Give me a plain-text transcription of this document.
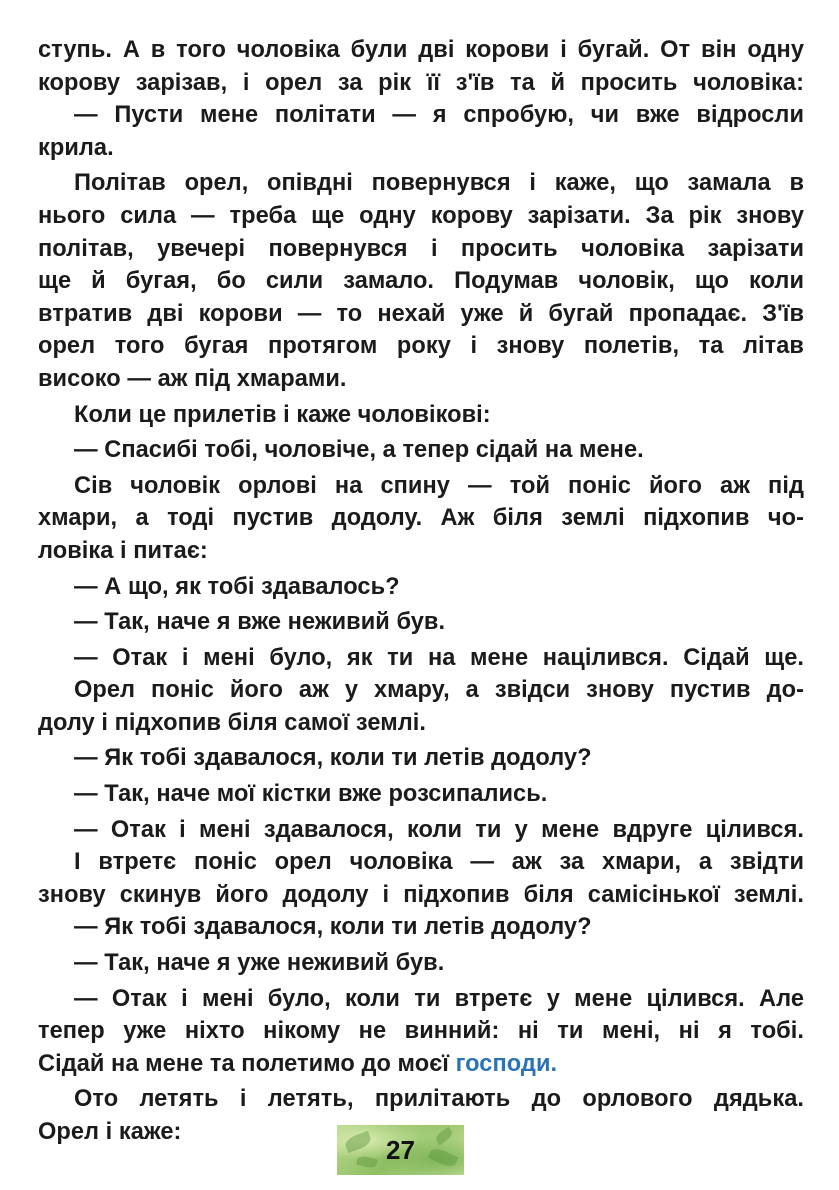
ступь. А в того чоловіка були дві корови і бугай. От він одну
корову зарізав, і орел за рік її з'їв та й просить чоловіка:
— Пусти мене політати — я спробую, чи вже відросли
крила.
Політав орел, опівдні повернувся і каже, що замала в
нього сила — треба ще одну корову зарізати. За рік знову
політав, увечері повернувся і просить чоловіка зарізати
ще й бугая, бо сили замало. Подумав чоловік, що коли
втратив дві корови — то нехай уже й бугай пропадає. З'їв
орел того бугая протягом року і знову полетів, та літав
високо — аж під хмарами.
Коли це прилетів і каже чоловікові:
— Спасибі тобі, чоловіче, а тепер сідай на мене.
Сів чоловік орлові на спину — той поніс його аж під
хмари, а тоді пустив додолу. Аж біля землі підхопив чо-
ловіка і питає:
— А що, як тобі здавалось?
— Так, наче я вже неживий був.
— Отак і мені було, як ти на мене націлився. Сідай ще.
Орел поніс його аж у хмару, а звідси знову пустив до-
долу і підхопив біля самої землі.
— Як тобі здавалося, коли ти летів додолу?
— Так, наче мої кістки вже розсипались.
— Отак і мені здавалося, коли ти у мене вдруге цілився.
І втретє поніс орел чоловіка — аж за хмари, а звідти
знову скинув його додолу і підхопив біля самісінької землі.
— Як тобі здавалося, коли ти летів додолу?
— Так, наче я уже неживий був.
— Отак і мені було, коли ти втретє у мене цілився. Але
тепер уже ніхто нікому не винний: ні ти мені, ні я тобі.
Сідай на мене та полетимо до моєї господи.
Ото летять і летять, прилітають до орлового дядька.
Орел і каже:
27
